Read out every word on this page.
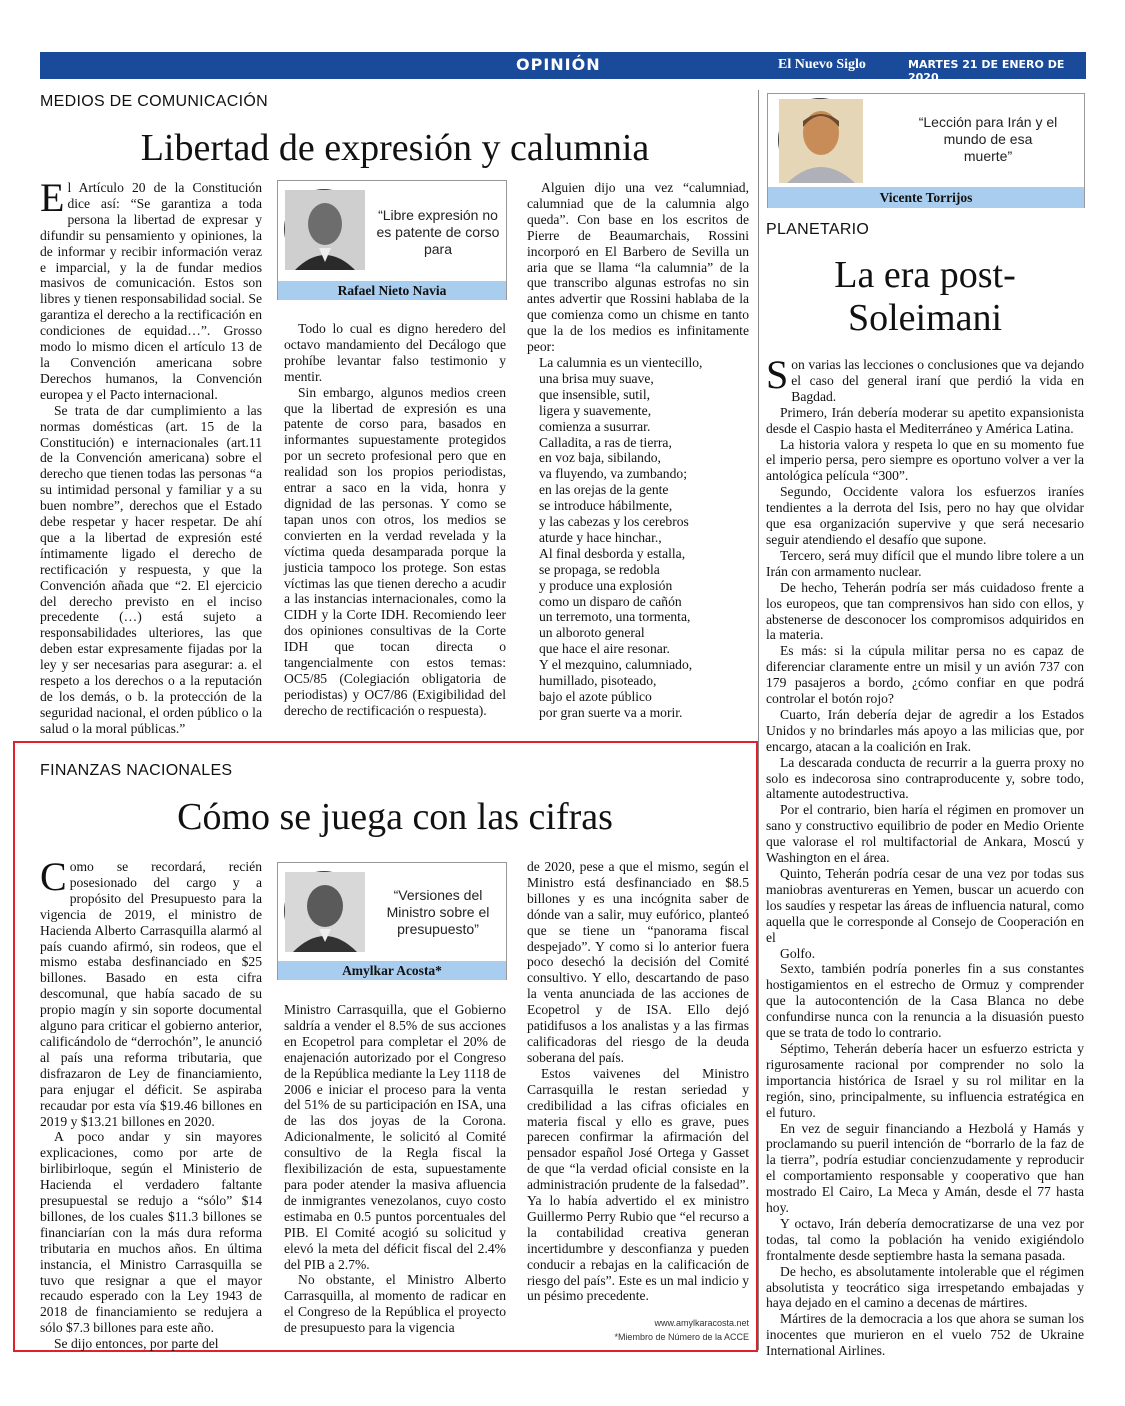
OPINIÓN	El Nuevo Siglo	MARTES 21 DE ENERO DE 2020
9A
MEDIOS DE COMUNICACIÓN
Libertad de expresión y calumnia

El Artículo 20 de la Constitución dice así: “Se garantiza a toda persona la libertad de expresar y difundir su pensamiento y opiniones, la de informar y recibir información veraz e imparcial, y la de fundar medios masivos de comunicación. Estos son libres y tienen responsabilidad social. Se garantiza el derecho a la rectificación en condiciones de equidad…”. Grosso modo lo mismo dicen el artículo 13 de la Convención americana sobre Derechos humanos, la Convención europea y el Pacto internacional.

Se trata de dar cumplimiento a las normas domésticas (art. 15 de la Constitución) e internacionales (art.11 de la Convención americana) sobre el derecho que tienen todas las personas “a su intimidad personal y familiar y a su buen nombre”, derechos que el Estado debe respetar y hacer respetar. De ahí que a la libertad de expresión esté íntimamente ligado el derecho de rectificación y respuesta, y que la Convención añada que “2. El ejercicio del derecho previsto en el inciso precedente (…) está sujeto a responsabilidades ulteriores, las que deben estar expresamente fijadas por la ley y ser necesarias para asegurar: a. el respeto a los derechos o a la reputación de los demás, o b. la protección de la seguridad nacional, el orden público o la salud o la moral públicas.”

“Libre expresión no es patente de corso para
Rafael Nieto Navia

Todo lo cual es digno heredero del octavo mandamiento del Decálogo que prohíbe levantar falso testimonio y mentir.

Sin embargo, algunos medios creen que la libertad de expresión es una patente de corso para, basados en informantes supuestamente protegidos por un secreto profesional pero que en realidad son los propios periodistas, entrar a saco en la vida, honra y dignidad de las personas. Y como se tapan unos con otros, los medios se convierten en la verdad revelada y la víctima queda desamparada porque la justicia tampoco los protege. Son estas víctimas las que tienen derecho a acudir a las instancias internacionales, como la CIDH y la Corte IDH. Recomiendo leer dos opiniones consultivas de la Corte IDH que tocan directa o tangencialmente con estos temas: OC5/85 (Colegiación obligatoria de periodistas) y OC7/86 (Exigibilidad del derecho de rectificación o respuesta).

Alguien dijo una vez “calumniad, calumniad que de la calumnia algo queda”. Con base en los escritos de Pierre de Beaumarchais, Rossini incorporó en El Barbero de Sevilla un aria que se llama “la calumnia” de la que transcribo algunas estrofas no sin antes advertir que Rossini hablaba de la que comienza como un chisme en tanto que la de los medios es infinitamente peor:

La calumnia es un vientecillo,
una brisa muy suave,
que insensible, sutil,
ligera y suavemente,
comienza a susurrar.
Calladita, a ras de tierra,
en voz baja, sibilando,
va fluyendo, va zumbando;
en las orejas de la gente
se introduce hábilmente,
y las cabezas y los cerebros
aturde y hace hinchar.,
Al final desborda y estalla,
se propaga, se redobla
y produce una explosión
como un disparo de cañón
un terremoto, una tormenta,
un alboroto general
que hace el aire resonar.
Y el mezquino, calumniado,
humillado, pisoteado,
bajo el azote público
por gran suerte va a morir.
FINANZAS NACIONALES
Cómo se juega con las cifras

Como se recordará, recién posesionado del cargo y a propósito del Presupuesto para la vigencia de 2019, el ministro de Hacienda Alberto Carrasquilla alarmó al país cuando afirmó, sin rodeos, que el mismo estaba desfinanciado en $25 billones. Basado en esta cifra descomunal, que había sacado de su propio magín y sin soporte documental alguno para criticar el gobierno anterior, calificándolo de “derrochón”, le anunció al país una reforma tributaria, que disfrazaron de Ley de financiamiento, para enjugar el déficit. Se aspiraba recaudar por esta vía $19.46 billones en 2019 y $13.21 billones en 2020.

A poco andar y sin mayores explicaciones, como por arte de birlibirloque, según el Ministerio de Hacienda el verdadero faltante presupuestal se redujo a “sólo” $14 billones, de los cuales $11.3 billones se financiarían con la más dura reforma tributaria en muchos años. En última instancia, el Ministro Carrasquilla se tuvo que resignar a que el mayor recaudo esperado con la Ley 1943 de 2018 de financiamiento se redujera a sólo $7.3 billones para este año.

Se dijo entonces, por parte del

“Versiones del Ministro sobre el presupuesto”
Amylkar Acosta*

Ministro Carrasquilla, que el Gobierno saldría a vender el 8.5% de sus acciones en Ecopetrol para completar el 20% de enajenación autorizado por el Congreso de la República mediante la Ley 1118 de 2006 e iniciar el proceso para la venta del 51% de su participación en ISA, una de las dos joyas de la Corona. Adicionalmente, le solicitó al Comité consultivo de la Regla fiscal la flexibilización de esta, supuestamente para poder atender la masiva afluencia de inmigrantes venezolanos, cuyo costo estimaba en 0.5 puntos porcentuales del PIB. El Comité acogió su solicitud y elevó la meta del déficit fiscal del 2.4% del PIB a 2.7%.

No obstante, el Ministro Alberto Carrasquilla, al momento de radicar en el Congreso de la República el proyecto de presupuesto para la vigencia

de 2020, pese a que el mismo, según el Ministro está desfinanciado en $8.5 billones y es una incógnita saber de dónde van a salir, muy eufórico, planteó que se tiene un “panorama fiscal despejado”. Y como si lo anterior fuera poco desechó la decisión del Comité consultivo. Y ello, descartando de paso la venta anunciada de las acciones de Ecopetrol y de ISA. Ello dejó patidifusos a los analistas y a las firmas calificadoras del riesgo de la deuda soberana del país.

Estos vaivenes del Ministro Carrasquilla le restan seriedad y credibilidad a las cifras oficiales en materia fiscal y ello es grave, pues parecen confirmar la afirmación del pensador español José Ortega y Gasset de que “la verdad oficial consiste en la administración prudente de la falsedad”. Ya lo había advertido el ex ministro Guillermo Perry Rubio que “el recurso a la contabilidad creativa generan incertidumbre y desconfianza y pueden conducir a rebajas en la calificación de riesgo del país”. Este es un mal indicio y un pésimo precedente.

www.amylkaracosta.net
*Miembro de Número de la ACCE
“Lección para Irán y el mundo de esa muerte”
Vicente Torrijos
PLANETARIO
La era post-
Soleimani

Son varias las lecciones o conclusiones que va dejando el caso del general iraní que perdió la vida en Bagdad.

Primero, Irán debería moderar su apetito expansionista desde el Caspio hasta el Mediterráneo y América Latina.

La historia valora y respeta lo que en su momento fue el imperio persa, pero siempre es oportuno volver a ver la antológica película “300”.

Segundo, Occidente valora los esfuerzos iraníes tendientes a la derrota del Isis, pero no hay que olvidar que esa organización supervive y que será necesario seguir atendiendo el desafío que supone.

Tercero, será muy difícil que el mundo libre tolere a un Irán con armamento nuclear.

De hecho, Teherán podría ser más cuidadoso frente a los europeos, que tan comprensivos han sido con ellos, y abstenerse de desconocer los compromisos adquiridos en la materia.

Es más: si la cúpula militar persa no es capaz de diferenciar claramente entre un misil y un avión 737 con 179 pasajeros a bordo, ¿cómo confiar en que podrá controlar el botón rojo?

Cuarto, Irán debería dejar de agredir a los Estados Unidos y no brindarles más apoyo a las milicias que, por encargo, atacan a la coalición en Irak.

La descarada conducta de recurrir a la guerra proxy no solo es indecorosa sino contraproducente y, sobre todo, altamente autodestructiva.

Por el contrario, bien haría el régimen en promover un sano y constructivo equilibrio de poder en Medio Oriente que valorase el rol multifactorial de Ankara, Moscú y Washington en el área.

Quinto, Teherán podría cesar de una vez por todas sus maniobras aventureras en Yemen, buscar un acuerdo con los saudíes y respetar las áreas de influencia natural, como aquella que le corresponde al Consejo de Cooperación en el

Golfo.

Sexto, también podría ponerles fin a sus constantes hostigamientos en el estrecho de Ormuz y comprender que la autocontención de la Casa Blanca no debe confundirse nunca con la renuncia a la disuasión puesto que se trata de todo lo contrario.

Séptimo, Teherán debería hacer un esfuerzo estricta y rigurosamente racional por comprender no solo la importancia histórica de Israel y su rol militar en la región, sino, principalmente, su influencia estratégica en el futuro.

En vez de seguir financiando a Hezbolá y Hamás y proclamando su pueril intención de “borrarlo de la faz de la tierra”, podría estudiar concienzudamente y reproducir el comportamiento responsable y cooperativo que han mostrado El Cairo, La Meca y Amán, desde el 77 hasta hoy.

Y octavo, Irán debería democratizarse de una vez por todas, tal como la población ha venido exigiéndolo frontalmente desde septiembre hasta la semana pasada.

De hecho, es absolutamente intolerable que el régimen absolutista y teocrático siga irrespetando embajadas y haya dejado en el camino a decenas de mártires.

Mártires de la democracia a los que ahora se suman los inocentes que murieron en el vuelo 752 de Ukraine International Airlines.
